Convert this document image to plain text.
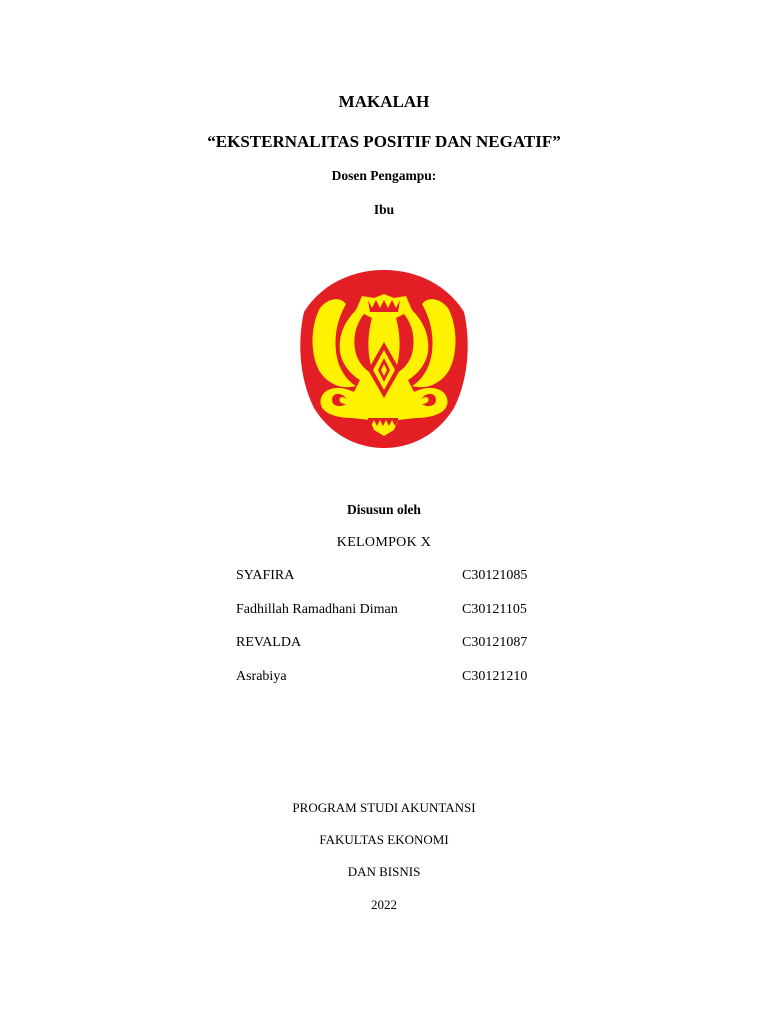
MAKALAH
“EKSTERNALITAS POSITIF DAN NEGATIF”
Dosen Pengampu:
Ibu
Disusun oleh
KELOMPOK X
SYAFIRA	C30121085
Fadhillah Ramadhani Diman	C30121105
REVALDA	C30121087
Asrabiya	C30121210
PROGRAM STUDI AKUNTANSI
FAKULTAS EKONOMI
DAN BISNIS
2022
